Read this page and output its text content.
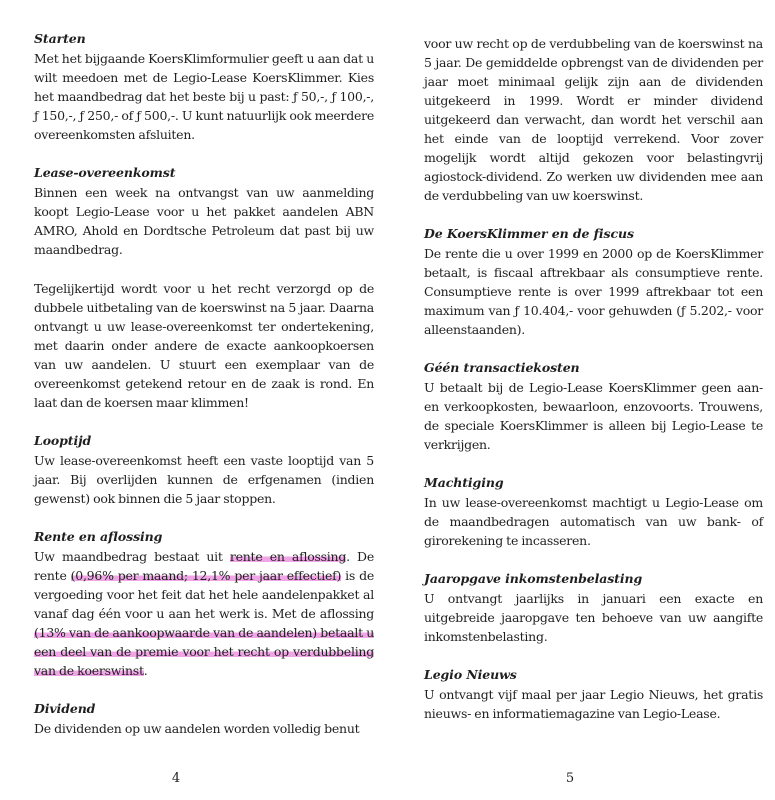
Starten

Met het bijgaande KoersKlimformulier geeft u aan dat u wilt meedoen met de Legio-Lease KoersKlimmer. Kies het maandbedrag dat het beste bij u past: ƒ 50,-, ƒ 100,-, ƒ 150,-, ƒ 250,- of ƒ 500,-. U kunt natuurlijk ook meerdere overeenkomsten afsluiten.

Lease-overeenkomst

Binnen een week na ontvangst van uw aanmelding koopt Legio-Lease voor u het pakket aandelen ABN AMRO, Ahold en Dordtsche Petroleum dat past bij uw maandbedrag.

Tegelijkertijd wordt voor u het recht verzorgd op de dubbele uitbetaling van de koerswinst na 5 jaar. Daarna ontvangt u uw lease-overeenkomst ter ondertekening, met daarin onder andere de exacte aankoopkoersen van uw aandelen. U stuurt een exemplaar van de overeenkomst getekend retour en de zaak is rond. En laat dan de koersen maar klimmen!

Looptijd

Uw lease-overeenkomst heeft een vaste looptijd van 5 jaar. Bij overlijden kunnen de erfgenamen (indien gewenst) ook binnen die 5 jaar stoppen.

Rente en aflossing

Uw maandbedrag bestaat uit rente en aflossing. De rente (0,96% per maand; 12,1% per jaar effectief) is de vergoeding voor het feit dat het hele aandelenpakket al vanaf dag één voor u aan het werk is. Met de aflossing (13% van de aankoopwaarde van de aandelen) betaalt u een deel van de premie voor het recht op verdubbeling van de koerswinst.

Dividend

De dividenden op uw aandelen worden volledig benut

4

voor uw recht op de verdubbeling van de koerswinst na 5 jaar. De gemiddelde opbrengst van de dividenden per jaar moet minimaal gelijk zijn aan de dividenden uitgekeerd in 1999. Wordt er minder dividend uitgekeerd dan verwacht, dan wordt het verschil aan het einde van de looptijd verrekend. Voor zover mogelijk wordt altijd gekozen voor belastingvrij agiostock-dividend. Zo werken uw dividenden mee aan de verdubbeling van uw koerswinst.

De KoersKlimmer en de fiscus

De rente die u over 1999 en 2000 op de KoersKlimmer betaalt, is fiscaal aftrekbaar als consumptieve rente. Consumptieve rente is over 1999 aftrekbaar tot een maximum van ƒ 10.404,- voor gehuwden (ƒ 5.202,- voor alleenstaanden).

Géén transactiekosten

U betaalt bij de Legio-Lease KoersKlimmer geen aan- en verkoopkosten, bewaarloon, enzovoorts. Trouwens, de speciale KoersKlimmer is alleen bij Legio-Lease te verkrijgen.

Machtiging

In uw lease-overeenkomst machtigt u Legio-Lease om de maandbedragen automatisch van uw bank- of girorekening te incasseren.

Jaaropgave inkomstenbelasting

U ontvangt jaarlijks in januari een exacte en uitgebreide jaaropgave ten behoeve van uw aangifte inkomstenbelasting.

Legio Nieuws

U ontvangt vijf maal per jaar Legio Nieuws, het gratis nieuws- en informatiemagazine van Legio-Lease.

5
